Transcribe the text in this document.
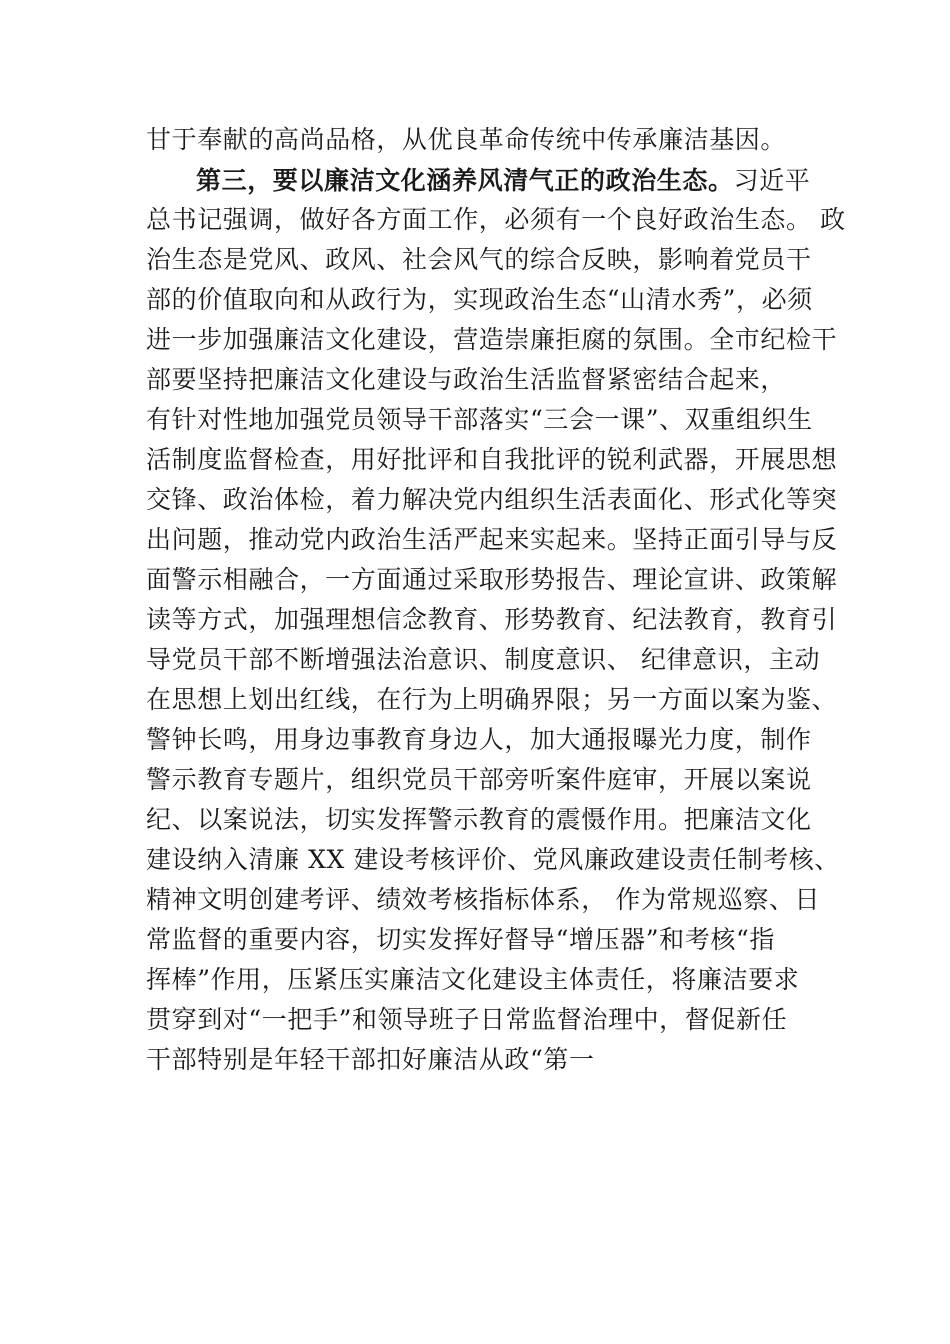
甘于奉献的高尚品格，从优良革命传统中传承廉洁基因。
第三，要以廉洁文化涵养风清气正的政治生态。习近平
总书记强调，做好各方面工作，必须有一个良好政治生态。 政
治生态是党风、政风、社会风气的综合反映，影响着党员干
部的价值取向和从政行为，实现政治生态“山清水秀”，必须
进一步加强廉洁文化建设，营造崇廉拒腐的氛围。全市纪检干
部要坚持把廉洁文化建设与政治生活监督紧密结合起来，
有针对性地加强党员领导干部落实“三会一课”、双重组织生
活制度监督检查，用好批评和自我批评的锐利武器，开展思想
交锋、政治体检，着力解决党内组织生活表面化、形式化等突
出问题，推动党内政治生活严起来实起来。坚持正面引导与反
面警示相融合，一方面通过采取形势报告、理论宣讲、政策解
读等方式，加强理想信念教育、形势教育、纪法教育，教育引
导党员干部不断增强法治意识、制度意识、 纪律意识，主动
在思想上划出红线，在行为上明确界限；另一方面以案为鉴、
警钟长鸣，用身边事教育身边人，加大通报曝光力度，制作
警示教育专题片，组织党员干部旁听案件庭审，开展以案说
纪、以案说法，切实发挥警示教育的震慑作用。把廉洁文化
建设纳入清廉 XX 建设考核评价、党风廉政建设责任制考核、
精神文明创建考评、绩效考核指标体系， 作为常规巡察、日
常监督的重要内容，切实发挥好督导“增压器”和考核“指
挥棒”作用，压紧压实廉洁文化建设主体责任，将廉洁要求
贯穿到对“一把手”和领导班子日常监督治理中，督促新任
干部特别是年轻干部扣好廉洁从政“第一
